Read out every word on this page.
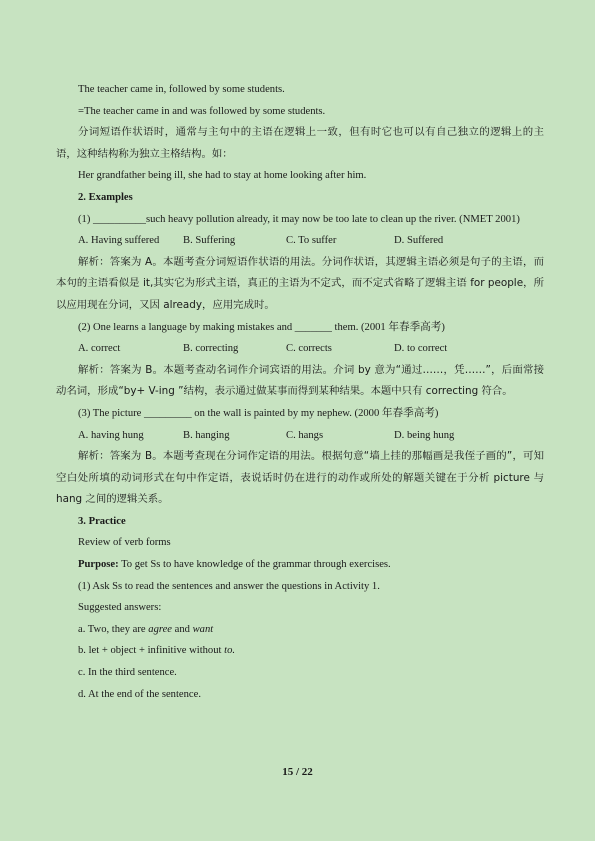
The teacher came in, followed by some students.

=The teacher came in and was followed by some students.

分词短语作状语时，通常与主句中的主语在逻辑上一致，但有时它也可以有自己独立的逻辑上的主语，这种结构称为独立主格结构。如：

Her grandfather being ill, she had to stay at home looking after him.

2. Examples

(1) __________such heavy pollution already, it may now be too late to clean up the river. (NMET 2001)

A. Having suffered	B. Suffering	C. To suffer	D. Suffered

解析：答案为 A。本题考查分词短语作状语的用法。分词作状语，其逻辑主语必须是句子的主语，而本句的主语看似是 it,其实它为形式主语，真正的主语为不定式，而不定式省略了逻辑主语 for people，所以应用现在分词，又因 already，应用完成时。

(2) One learns a language by making mistakes and _______ them. (2001 年春季高考)

A. correct	B. correcting	C. corrects	D. to correct

解析：答案为 B。本题考查动名词作介词宾语的用法。介词 by 意为“通过……，凭……”，后面常接动名词，形成“by+ V-ing ”结构，表示通过做某事而得到某种结果。本题中只有 correcting 符合。

(3) The picture _________ on the wall is painted by my nephew. (2000 年春季高考)

A. having hung	B. hanging	C. hangs	D. being hung

解析：答案为 B。本题考查现在分词作定语的用法。根据句意“墙上挂的那幅画是我侄子画的”，可知空白处所填的动词形式在句中作定语，表说话时仍在进行的动作或所处的解题关键在于分析 picture 与 hang 之间的逻辑关系。

3. Practice

Review of verb forms

Purpose: To get Ss to have knowledge of the grammar through exercises.

(1) Ask Ss to read the sentences and answer the questions in Activity 1.

Suggested answers:

a. Two, they are agree and want

b. let + object + infinitive without to.

c. In the third sentence.

d. At the end of the sentence.

15 / 22
